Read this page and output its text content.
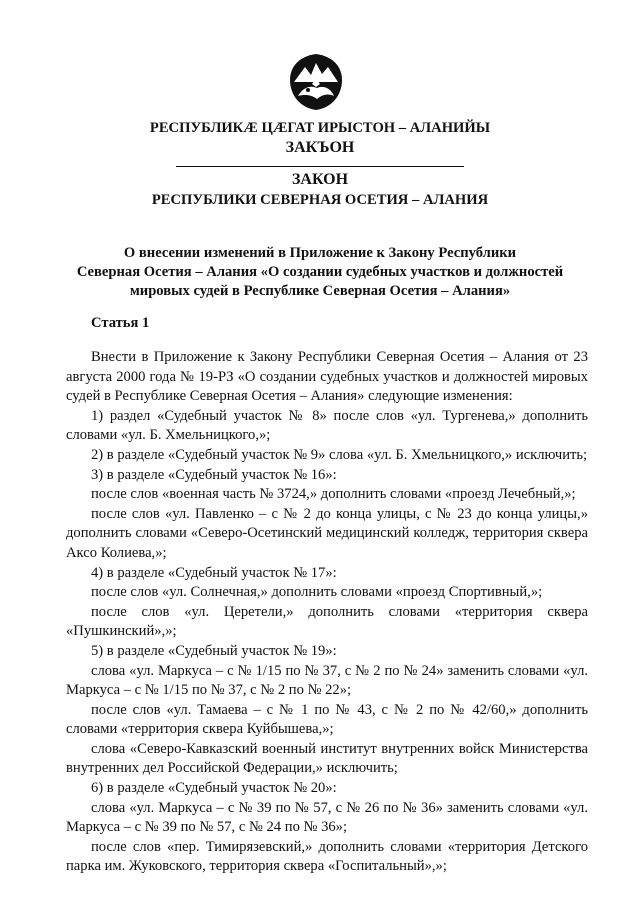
РЕСПУБЛИКӔ ЦӔГАТ ИРЫСТОН – АЛАНИЙЫ
ЗАКЪОН
ЗАКОН
РЕСПУБЛИКИ СЕВЕРНАЯ ОСЕТИЯ – АЛАНИЯ
О внесении изменений в Приложение к Закону Республики
Северная Осетия – Алания «О создании судебных участков и должностей
мировых судей в Республике Северная Осетия – Алания»
Статья 1

Внести в Приложение к Закону Республики Северная Осетия – Алания от 23 августа 2000 года № 19-РЗ «О создании судебных участков и должностей мировых судей в Республике Северная Осетия – Алания» следующие изменения:

1) раздел «Судебный участок № 8» после слов «ул. Тургенева,» дополнить словами «ул. Б. Хмельницкого,»;

2) в разделе «Судебный участок № 9» слова «ул. Б. Хмельницкого,» исключить;

3) в разделе «Судебный участок № 16»:

после слов «военная часть № 3724,» дополнить словами «проезд Лечебный,»;

после слов «ул. Павленко – с № 2 до конца улицы, с № 23 до конца улицы,» дополнить словами «Северо-Осетинский медицинский колледж, территория сквера Аксо Колиева,»;

4) в разделе «Судебный участок № 17»:

после слов «ул. Солнечная,» дополнить словами «проезд Спортивный,»;

после слов «ул. Церетели,» дополнить словами «территория сквера «Пушкинский»,»;

5) в разделе «Судебный участок № 19»:

слова «ул. Маркуса – с № 1/15 по № 37, с № 2 по № 24» заменить словами «ул. Маркуса – с № 1/15 по № 37, с № 2 по № 22»;

после слов «ул. Тамаева – с № 1 по № 43, с № 2 по № 42/60,» дополнить словами «территория сквера Куйбышева,»;

слова «Северо-Кавказский военный институт внутренних войск Министерства внутренних дел Российской Федерации,» исключить;

6) в разделе «Судебный участок № 20»:

слова «ул. Маркуса – с № 39 по № 57, с № 26 по № 36» заменить словами «ул. Маркуса – с № 39 по № 57, с № 24 по № 36»;

после слов «пер. Тимирязевский,» дополнить словами «территория Детского парка им. Жуковского, территория сквера «Госпитальный»,»;
